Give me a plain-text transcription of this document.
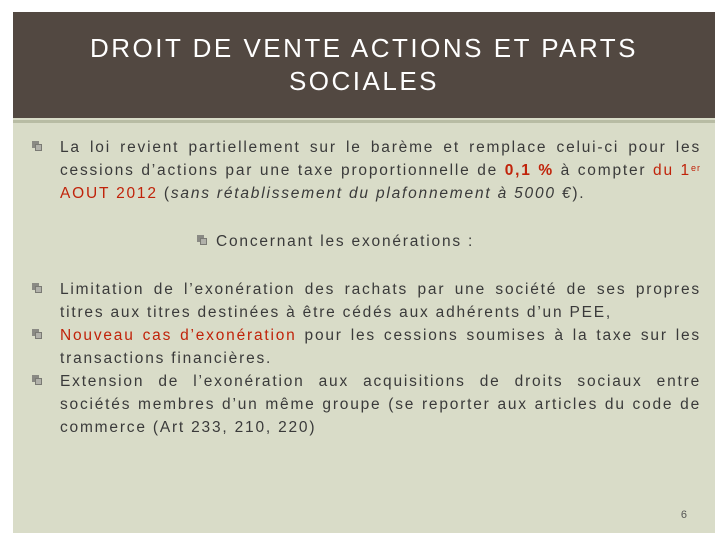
DROIT DE VENTE ACTIONS ET PARTS
SOCIALES
La loi revient partiellement sur le barème et remplace celui-ci pour les cessions d’actions par une taxe proportionnelle de 0,1 % à compter du 1er AOUT 2012 (sans rétablissement du plafonnement à 5000 €).
Concernant les exonérations :
Limitation de l’exonération des rachats par une société de ses propres titres aux titres destinées à être cédés aux adhérents d’un PEE,
Nouveau cas d’exonération pour les cessions soumises à la taxe sur les transactions financières.
Extension de l’exonération aux acquisitions de droits sociaux entre sociétés membres d’un même groupe (se reporter aux articles du code de commerce (Art 233, 210, 220)
6
